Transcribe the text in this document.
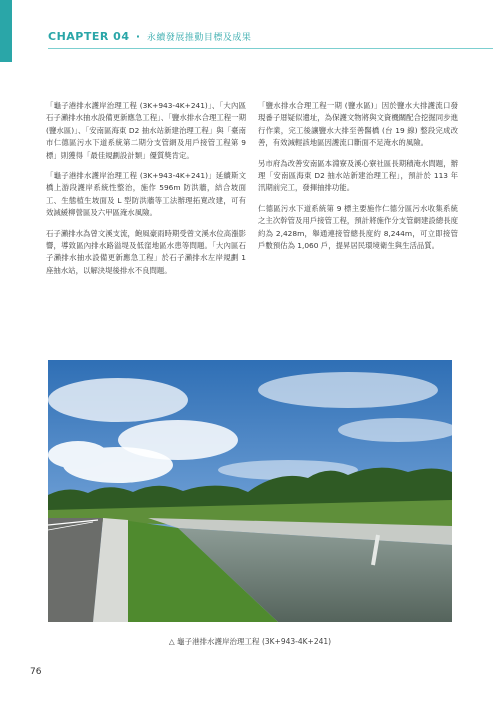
CHAPTER 04 · 永續發展推動目標及成果

「龜子港排水護岸治理工程 (3K+943-4K+241)」、「大內區石子瀨排水抽水設備更新應急工程」、「鹽水排水合理工程一期 (鹽水區)」、「安南區海東 D2 抽水站新建治理工程」與「臺南市仁德區污水下道系統第二期分支管網及用戶接管工程第 9 標」則獲得「最佳規劃設計類」優質獎肯定。

「龜子港排水護岸治理工程 (3K+943-4K+241)」延續斯文橋上游段護岸系統性整治，施作 596m 防洪牆，結合坡面工、生態植生坡面及 L 型防洪牆等工法辦理拓寬改建，可有效減緩柳營區及六甲區淹水風險。

石子瀨排水為曾文溪支流，飽風豪雨時期受曾文溪水位高漲影響，導致區內排水路溢堤及低窪地區水患等問題。「大內區石子瀨排水抽水設備更新應急工程」於石子瀨排水左岸規劃 1 座抽水站，以解決堤後排水不良問題。

「鹽水排水合理工程一期 (鹽水區)」因於鹽水大排護流口發現番子厝疑似遺址，為保護文物將與文資機關配合挖掘同步進行作業，完工後讓鹽水大排至善醫橋 (台 19 線) 整段完成改善，有效減輕該地區因護流口斷面不足淹水的風險。

另市府為改善安南區本淵寮及溪心寮社區長期積淹水問題，辦理「安南區海東 D2 抽水站新建治理工程」，預計於 113 年汛期前完工，發揮抽排功能。

仁德區污水下道系統第 9 標主要施作仁德分區污水收集系統之主次幹管及用戶接管工程，預計將施作分支管網建設總長度約為 2,428m，舉通連接管總長度約 8,244m，可立即接管戶數預估為 1,060 戶，提昇居民環境衛生與生活品質。

△ 龜子港排水護岸治理工程 (3K+943-4K+241)
76
